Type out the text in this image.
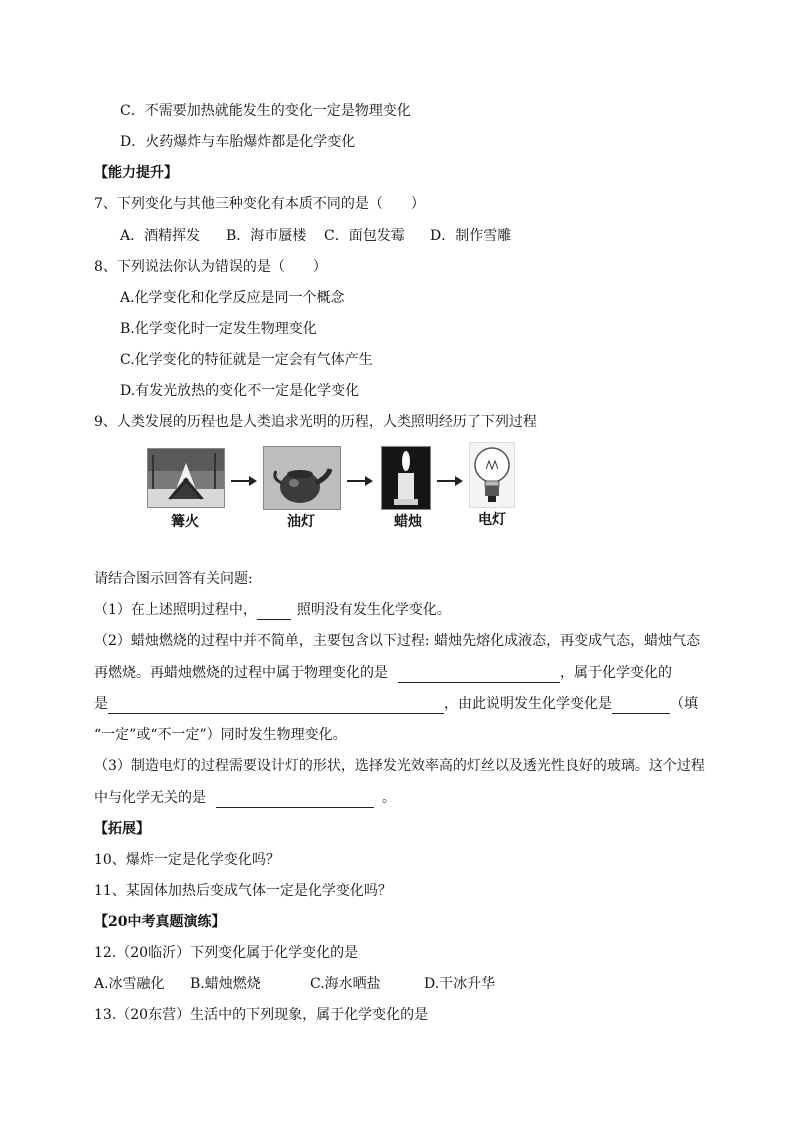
C．不需要加热就能发生的变化一定是物理变化
D．火药爆炸与车胎爆炸都是化学变化
【能力提升】
7、下列变化与其他三种变化有本质不同的是（　　）
A．酒精挥发 B．海市蜃楼 C．面包发霉 D．制作雪雕
8、下列说法你认为错误的是（　　）
A.化学变化和化学反应是同一个概念
B.化学变化时一定发生物理变化
C.化学变化的特征就是一定会有气体产生
D.有发光放热的变化不一定是化学变化
9、人类发展的历程也是人类追求光明的历程，人类照明经历了下列过程
篝火	油灯	蜡烛	电灯
请结合图示回答有关问题:
（1）在上述照明过程中，	照明没有发生化学变化。
（2）蜡烛燃烧的过程中并不简单，主要包含以下过程: 蜡烛先熔化成液态，再变成气态，蜡烛气态
再燃烧。再蜡烛燃烧的过程中属于物理变化的是	，属于化学变化的
是	，由此说明发生化学变化是	（填
“一定”或“不一定”）同时发生物理变化。
（3）制造电灯的过程需要设计灯的形状，选择发光效率高的灯丝以及透光性良好的玻璃。这个过程
中与化学无关的是	。
【拓展】
10、爆炸一定是化学变化吗？
11、某固体加热后变成气体一定是化学变化吗？
【20中考真题演练】
12.（20临沂）下列变化属于化学变化的是
A.冰雪融化 B.蜡烛燃烧	C.海水晒盐	D.干冰升华
13.（20东营）生活中的下列现象，属于化学变化的是
